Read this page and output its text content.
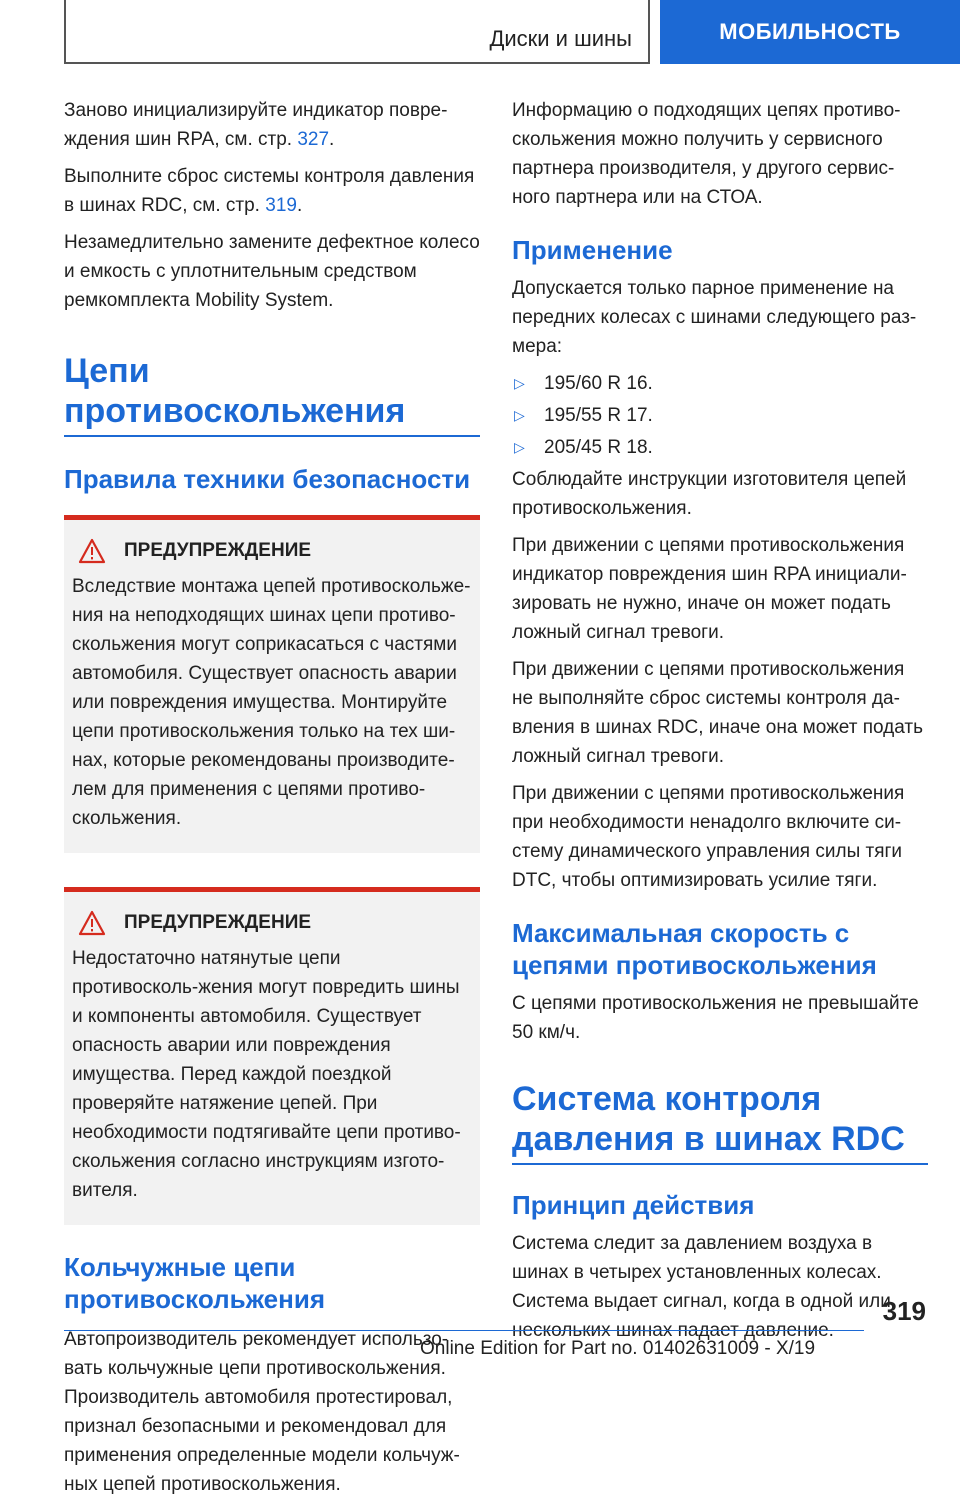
Диски и шины	МОБИЛЬНОСТЬ

Заново инициализируйте индикатор повре-ждения шин RPA, см. стр. 327.

Выполните сброс системы контроля давления в шинах RDC, см. стр. 319.

Незамедлительно замените дефектное колесо и емкость с уплотнительным средством ремкомплекта Mobility System.

Цепи противоскольжения
Правила техники безопасности
ПРЕДУПРЕЖДЕНИЕ

Вследствие монтажа цепей противоскольже-ния на неподходящих шинах цепи противо-скольжения могут соприкасаться с частями автомобиля. Существует опасность аварии или повреждения имущества. Монтируйте цепи противоскольжения только на тех ши-нах, которые рекомендованы производите-лем для применения с цепями противо-скольжения.

ПРЕДУПРЕЖДЕНИЕ

Недостаточно натянутые цепи противосколь-жения могут повредить шины и компоненты автомобиля. Существует опасность аварии или повреждения имущества. Перед каждой поездкой проверяйте натяжение цепей. При необходимости подтягивайте цепи противо-скольжения согласно инструкциям изгото-вителя.

Кольчужные цепи противоскольжения

Автопроизводитель рекомендует использо-вать кольчужные цепи противоскольжения. Производитель автомобиля протестировал, признал безопасными и рекомендовал для применения определенные модели кольчуж-ных цепей противоскольжения.

Информацию о подходящих цепях противо-скольжения можно получить у сервисного партнера производителя, у другого сервис-ного партнера или на СТОА.

Применение

Допускается только парное применение на передних колесах с шинами следующего раз-мера:

▷	195/60 R 16.
▷	195/55 R 17.
▷	205/45 R 18.

Соблюдайте инструкции изготовителя цепей противоскольжения.

При движении с цепями противоскольжения индикатор повреждения шин RPA инициали-зировать не нужно, иначе он может подать ложный сигнал тревоги.

При движении с цепями противоскольжения не выполняйте сброс системы контроля да-вления в шинах RDC, иначе она может подать ложный сигнал тревоги.

При движении с цепями противоскольжения при необходимости ненадолго включите си-стему динамического управления силы тяги DTC, чтобы оптимизировать усилие тяги.

Максимальная скорость с цепями противоскольжения

С цепями противоскольжения не превышайте 50 км/ч.

Система контроля давления в шинах RDC
Принцип действия

Система следит за давлением воздуха в шинах в четырех установленных колесах. Система выдает сигнал, когда в одной или нескольких шинах падает давление.

319
Online Edition for Part no. 01402631009 - X/19
